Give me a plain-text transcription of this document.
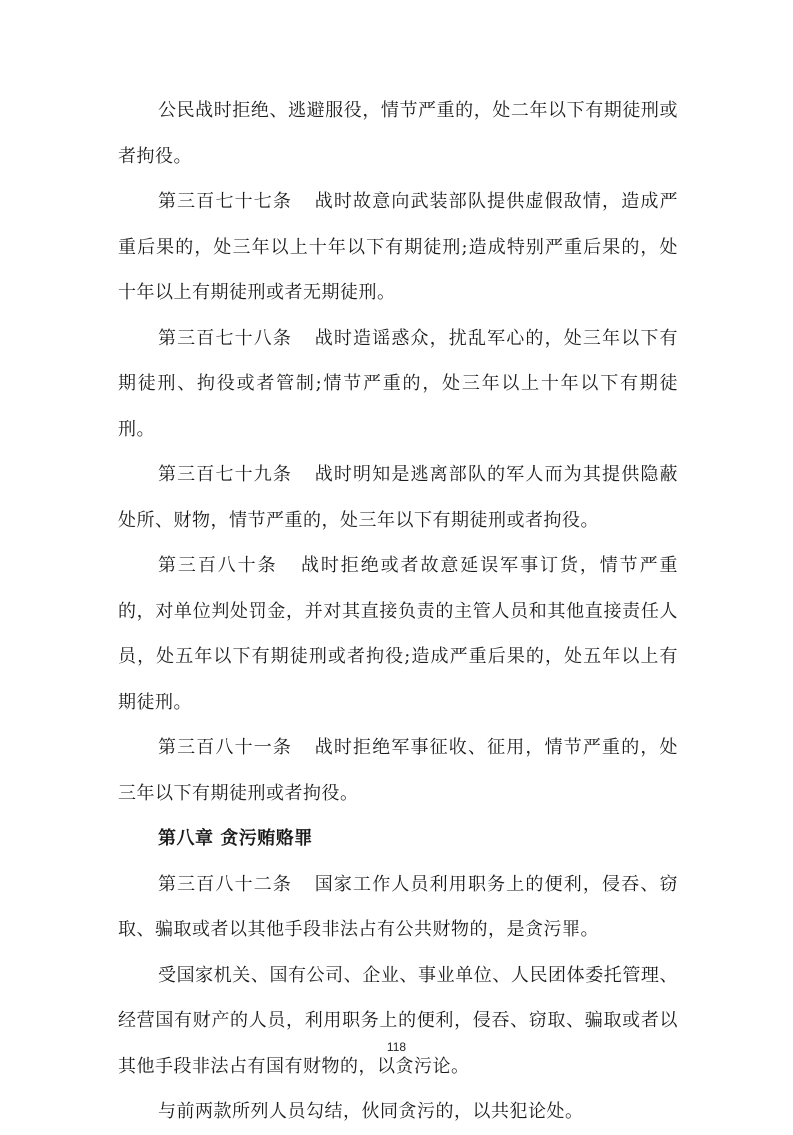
公民战时拒绝、逃避服役，情节严重的，处二年以下有期徒刑或者拘役。

第三百七十七条 战时故意向武装部队提供虚假敌情，造成严重后果的，处三年以上十年以下有期徒刑;造成特别严重后果的，处十年以上有期徒刑或者无期徒刑。

第三百七十八条 战时造谣惑众，扰乱军心的，处三年以下有期徒刑、拘役或者管制;情节严重的，处三年以上十年以下有期徒刑。

第三百七十九条 战时明知是逃离部队的军人而为其提供隐蔽处所、财物，情节严重的，处三年以下有期徒刑或者拘役。

第三百八十条 战时拒绝或者故意延误军事订货，情节严重的，对单位判处罚金，并对其直接负责的主管人员和其他直接责任人员，处五年以下有期徒刑或者拘役;造成严重后果的，处五年以上有期徒刑。

第三百八十一条 战时拒绝军事征收、征用，情节严重的，处三年以下有期徒刑或者拘役。

第八章 贪污贿赂罪

第三百八十二条 国家工作人员利用职务上的便利，侵吞、窃取、骗取或者以其他手段非法占有公共财物的，是贪污罪。

受国家机关、国有公司、企业、事业单位、人民团体委托管理、经营国有财产的人员，利用职务上的便利，侵吞、窃取、骗取或者以其他手段非法占有国有财物的，以贪污论。

与前两款所列人员勾结，伙同贪污的，以共犯论处。

118
